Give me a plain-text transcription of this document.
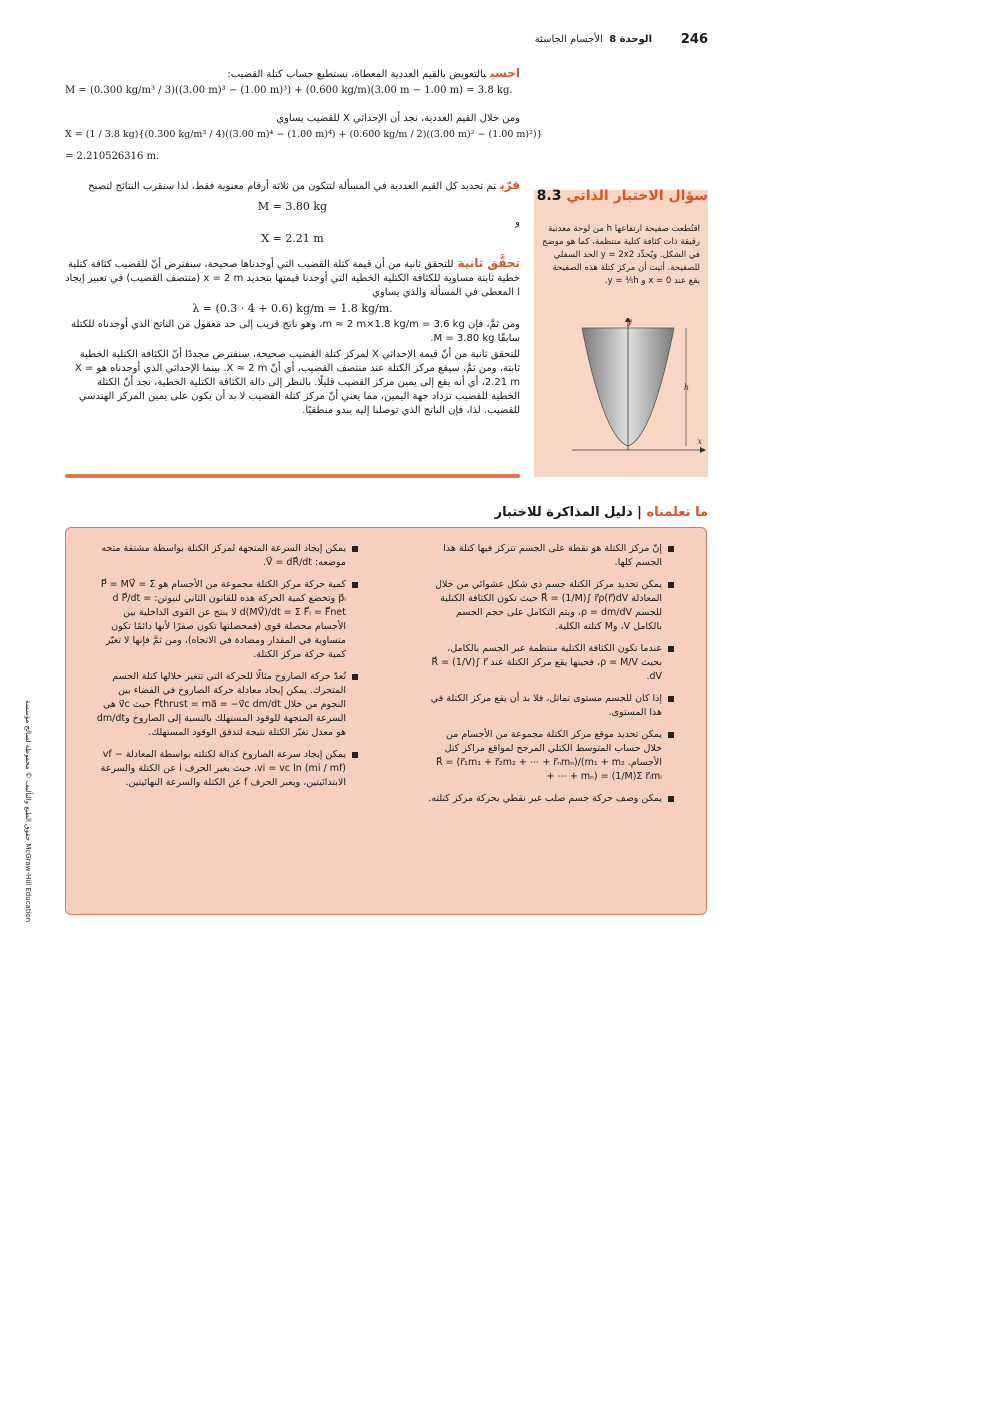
246
الوحدة 8  الأجسام الجاسئة

احسببالتعويض بالقيم العددية المعطاة، نستطيع حساب كتلة القضيب:

M = (0.300 kg/m³ / 3)((3.00 m)³ − (1.00 m)³) + (0.600 kg/m)(3.00 m − 1.00 m) = 3.8 kg.

ومن خلال القيم العددية، نجد أن الإحداثي X للقضيب يساوي

X = (1 / 3.8 kg){(0.300 kg/m³ / 4)((3.00 m)⁴ − (1.00 m)⁴) + (0.600 kg/m / 2)((3.00 m)² − (1.00 m)²)}

= 2.210526316 m.

قرّبتم تحديد كل القيم العددية في المسألة لتتكون من ثلاثة أرقام معنوية فقط، لذا سنقرب النتائج لتصبح

M = 3.80 kg

و

X = 2.21 m

تحقَّق ثانيةللتحقق ثانية من أن قيمة كتلة القضيب التي أوجدناها صحيحة، سنفترض أنّ للقضيب كثافة كتلية خطية ثابتة مساوية للكثافة الكتلية الخطية التي أوجدنا قيمتها بتحديد x = 2 m (منتصف القضيب) في تعبير إيجاد l المعطى في المسألة والذي يساوي

λ = (0.3 · 4 + 0.6) kg/m = 1.8 kg/m.

ومن ثمَّ، فإن m ≈ 2 m×1.8 kg/m = 3.6 kg، وهو ناتج قريب إلى حد معقول من الناتج الذي أوجدناه للكتلة سابقًا M = 3.80 kg.

للتحقق ثانية من أنّ قيمة الإحداثي X لمركز كتلة القضيب صحيحة، سنفترض مجددًا أنّ الكثافة الكتلية الخطية ثابتة، ومن ثمَّ، سيقع مركز الكتلة عند منتصف القضيب، أي أنّ X ≈ 2 m. بينما الإحداثي الذي أوجدناه هو X = 2.21 m، أي أنه يقع إلى يمين مركز القضيب قليلًا. بالنظر إلى دالة الكثافة الكتلية الخطية، نجد أنّ الكتلة الخطية للقضيب تزداد جهة اليمين، مما يعني أنّ مركز كتلة القضيب لا بد أن يكون على يمين المركز الهندسي للقضيب. لذا، فإن الناتج الذي توصلنا إليه يبدو منطقيًا.

سؤال الاختبار الذاتي 8.3
اقتُطعت صفيحة ارتفاعها h من لوحة معدنية رقيقة ذات كثافة كتلية منتظمة، كما هو موضح في الشكل. ويُحدِّد y = 2x2 الحد السفلي للصفيحة. أثبت أن مركز كتلة هذه الصفيحة يقع عند x = 0 و y = ³⁄₅h.
y
x
h
ما تعلمناه | دليل المذاكرة للاختبار
إنّ مركز الكتلة هو نقطة على الجسم تتركز فيها كتلة هذا الجسم كلها.
يمكن تحديد مركز الكتلة جسم ذي شكل عشوائي من خلال المعادلة R⃗ = (1/M)∫ r⃗ρ(r⃗)dV حيث تكون الكثافة الكتلية للجسم ρ = dm/dV، ويتم التكامل على حجم الجسم بالكامل V، وM كتلته الكلية.
عندما تكون الكثافة الكتلية منتظمة عبر الجسم بالكامل، بحيث ρ = M/V، فحينها يقع مركز الكتلة عند R⃗ = (1/V)∫ r⃗ dV.
إذا كان للجسم مستوى تماثل، فلا بد أن يقع مركز الكتلة في هذا المستوى.
يمكن تحديد موقع مركز الكتلة مجموعة من الأجسام من خلال حساب المتوسط الكتلي المرجح لمواقع مراكز كتل الأجسام. R⃗ = (r⃗₁m₁ + r⃗₂m₂ + ⋯ + r⃗ₙmₙ)/(m₁ + m₂ + ⋯ + mₙ) = (1/M)Σ r⃗ᵢmᵢ
يمكن وصف حركة جسم صلب غير نقطي بحركة مركز كتلته.
يمكن إيجاد السرعة المتجهة لمركز الكتلة بواسطة مشتقة متجه موضعه: V⃗ = dR⃗/dt.
كمية حركة مركز الكتلة مجموعة من الأجسام هو P⃗ = MV⃗ = Σ p⃗ᵢ وتخضع كمية الحركة هذه للقانون الثاني لنيوتن: d P⃗/dt = d(MV⃗)/dt = Σ F⃗ᵢ = F⃗net لا ينتج عن القوى الداخلية بين الأجسام محصلة قوى (فمحصلتها تكون صفرًا لأنها دائمًا تكون متساوية في المقدار ومضادة في الاتجاه)، ومن ثمَّ فإنها لا تغيّر كمية حركة مركز الكتلة.
تُعدّ حركة الصاروخ مثالًا للحركة التي تتغير خلالها كتلة الجسم المتحرك. يمكن إيجاد معادلة حركة الصاروخ في الفضاء بين النجوم من خلال F⃗thrust = ma⃗ = −v⃗c dm/dt حيث v⃗c هي السرعة المتجهة للوقود المستهلك بالنسبة إلى الصاروخ وdm/dt هو معدل تغيّر الكتلة نتيجة لتدفق الوقود المستهلك.
يمكن إيجاد سرعة الصاروخ كدالة لكتلته بواسطة المعادلة vf − vi = vc ln (mi / mf)، حيث يعبر الحرف i عن الكتلة والسرعة الابتدائيتين، ويعبر الحرف f عن الكتلة والسرعة النهائيتين.
حقوق الطبع والتأليف © محفوظة لصالح مؤسسة McGraw-Hill Education
